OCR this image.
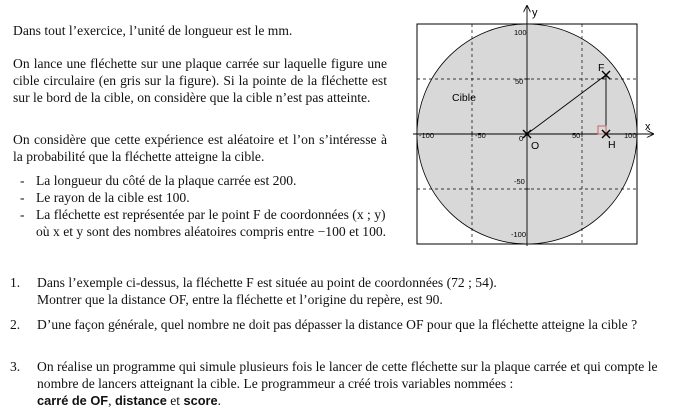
Dans tout l’exercice, l’unité de longueur est le mm.

On lance une fléchette sur une plaque carrée sur laquelle figure une cible circulaire (en gris sur la figure). Si la pointe de la fléchette est sur le bord de la cible, on considère que la cible n’est pas atteinte.

On considère que cette expérience est aléatoire et l’on s’intéresse à la probabilité que la fléchette atteigne la cible.

- La longueur du côté de la plaque carrée est 200.
- Le rayon de la cible est 100.
- La fléchette est représentée par le point F de coordonnées (x ; y) où x et y sont des nombres aléatoires compris entre −100 et 100.
x
y
-100	-50	0	50	100
100
50
-50
-100
Cible
F
O	H
1. Dans l’exemple ci-dessus, la fléchette F est située au point de coordonnées (72 ; 54).
Montrer que la distance OF, entre la fléchette et l’origine du repère, est 90.
2. D’une façon générale, quel nombre ne doit pas dépasser la distance OF pour que la fléchette atteigne la cible ?
3. On réalise un programme qui simule plusieurs fois le lancer de cette fléchette sur la plaque carrée et qui compte le nombre de lancers atteignant la cible. Le programmeur a créé trois variables nommées :
carré de OF, distance et score.
